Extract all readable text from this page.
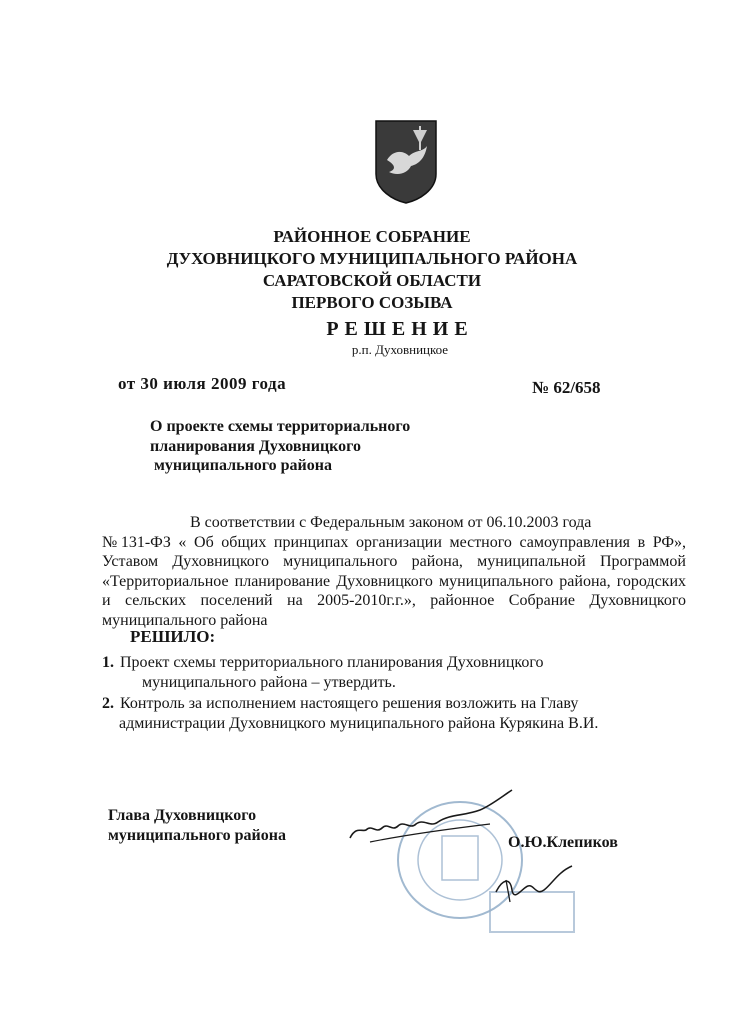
РАЙОННОЕ СОБРАНИЕ
ДУХОВНИЦКОГО МУНИЦИПАЛЬНОГО РАЙОНА
САРАТОВСКОЙ ОБЛАСТИ
ПЕРВОГО СОЗЫВА
РЕШЕНИЕ
р.п. Духовницкое
от 30 июля 2009 года	№ 62/658
О проекте схемы территориального
планирования Духовницкого
муниципального района

В соответствии с Федеральным законом от 06.10.2003 года

№131-ФЗ « Об общих принципах организации местного самоуправления в РФ», Уставом Духовницкого муниципального района, муниципальной Программой «Территориальное планирование Духовницкого муниципального района, городских и сельских поселений на 2005-2010г.г.», районное Собрание Духовницкого муниципального района

РЕШИЛО:
1. Проект схемы территориального планирования Духовницкого
муниципального района – утвердить.
2. Контроль за исполнением настоящего решения возложить на Главу
администрации Духовницкого муниципального района Курякина В.И.
Глава Духовницкого
муниципального района	О.Ю.Клепиков
